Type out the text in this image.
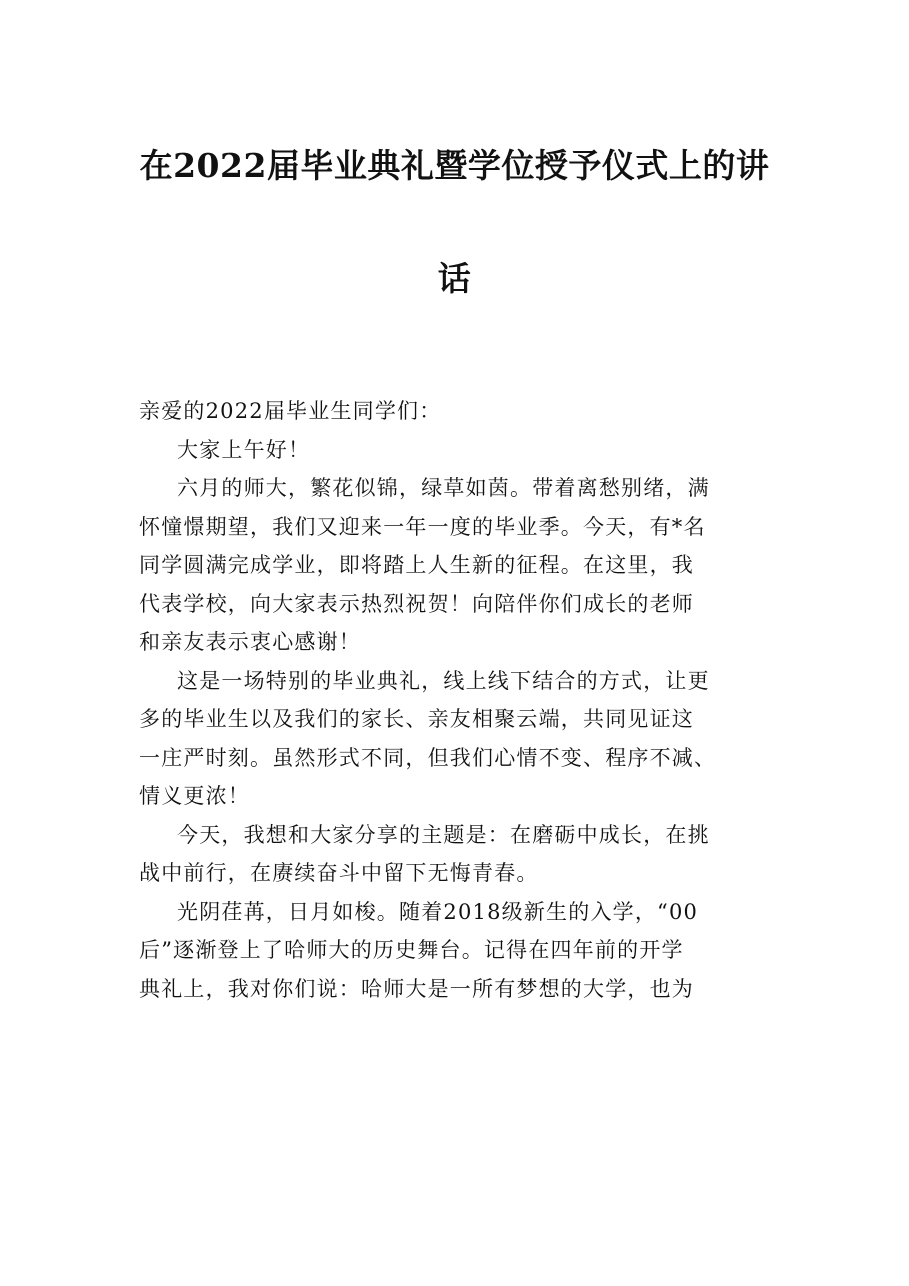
在2022届毕业典礼暨学位授予仪式上的讲
话

亲爱的2022届毕业生同学们：

大家上午好！

六月的师大，繁花似锦，绿草如茵。带着离愁别绪，满
怀憧憬期望，我们又迎来一年一度的毕业季。今天，有*名
同学圆满完成学业，即将踏上人生新的征程。在这里，我
代表学校，向大家表示热烈祝贺！向陪伴你们成长的老师
和亲友表示衷心感谢！
这是一场特别的毕业典礼，线上线下结合的方式，让更
多的毕业生以及我们的家长、亲友相聚云端，共同见证这
一庄严时刻。虽然形式不同，但我们心情不变、程序不减、
情义更浓！
今天，我想和大家分享的主题是：在磨砺中成长，在挑
战中前行，在赓续奋斗中留下无悔青春。
光阴荏苒，日月如梭。随着2018级新生的入学，“00
后”逐渐登上了哈师大的历史舞台。记得在四年前的开学
典礼上，我对你们说：哈师大是一所有梦想的大学，也为
